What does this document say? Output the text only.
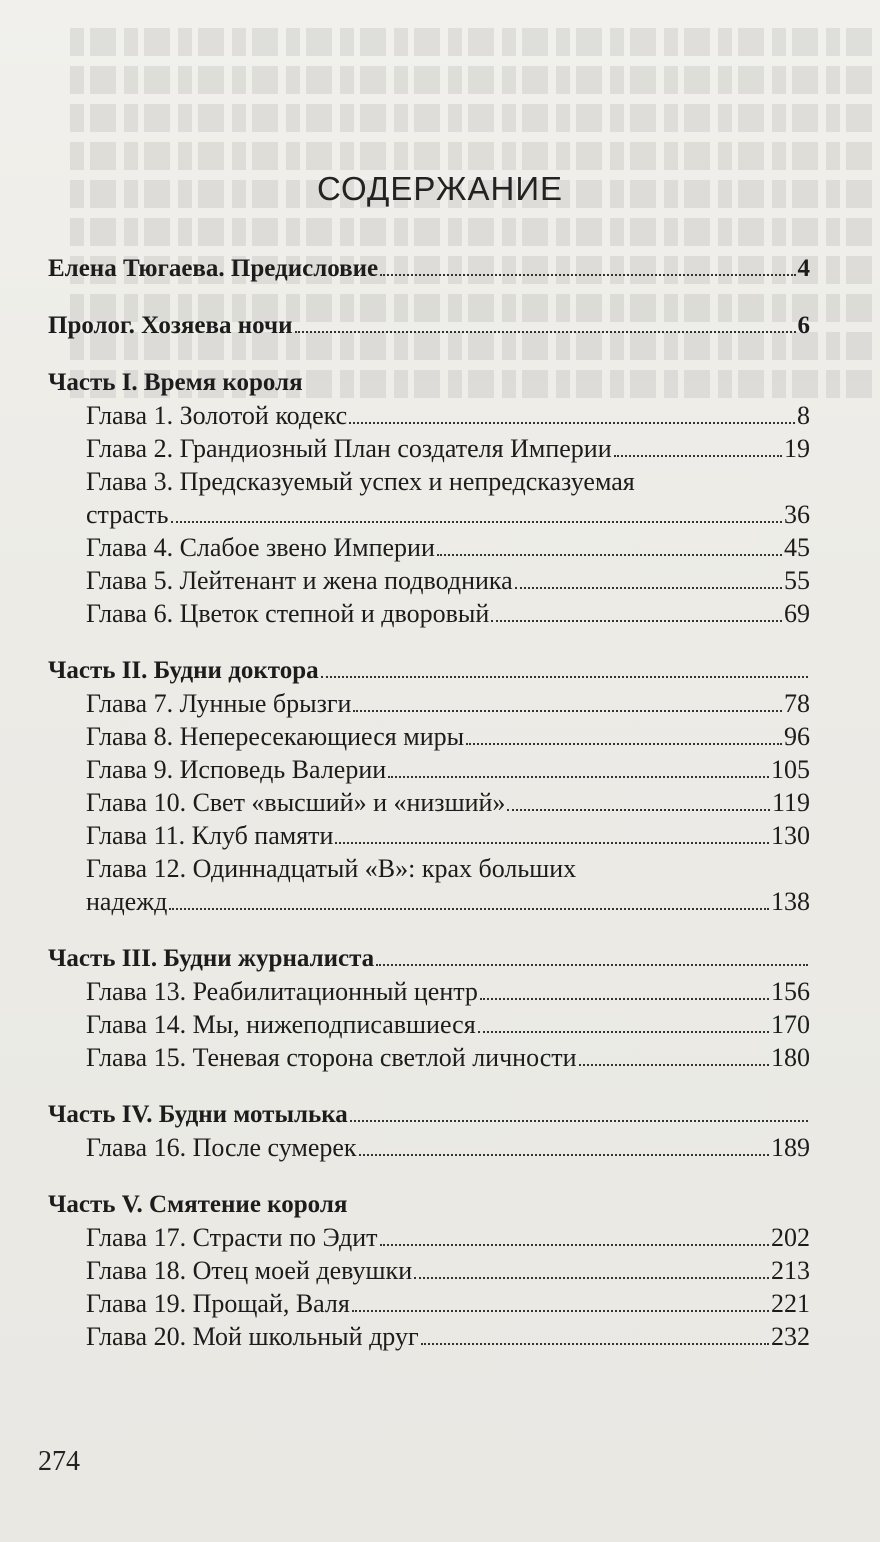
СОДЕРЖАНИЕ
Елена Тюгаева. Предисловие	4
Пролог. Хозяева ночи	6
Часть I. Время короля
Глава 1. Золотой кодекс	8
Глава 2. Грандиозный План создателя Империи	19
Глава 3. Предсказуемый успех и непредсказуемая
страсть	36
Глава 4. Слабое звено Империи	45
Глава 5. Лейтенант и жена подводника	55
Глава 6. Цветок степной и дворовый	69
Часть II. Будни доктора
Глава 7. Лунные брызги	78
Глава 8. Непересекающиеся миры	96
Глава 9. Исповедь Валерии	105
Глава 10. Свет «высший» и «низший»	119
Глава 11. Клуб памяти	130
Глава 12. Одиннадцатый «В»: крах больших
надежд	138
Часть III. Будни журналиста
Глава 13. Реабилитационный центр	156
Глава 14. Мы, нижеподписавшиеся	170
Глава 15. Теневая сторона светлой личности	180
Часть IV. Будни мотылька
Глава 16. После сумерек	189
Часть V. Смятение короля
Глава 17. Страсти по Эдит	202
Глава 18. Отец моей девушки	213
Глава 19. Прощай, Валя	221
Глава 20. Мой школьный друг	232
274
